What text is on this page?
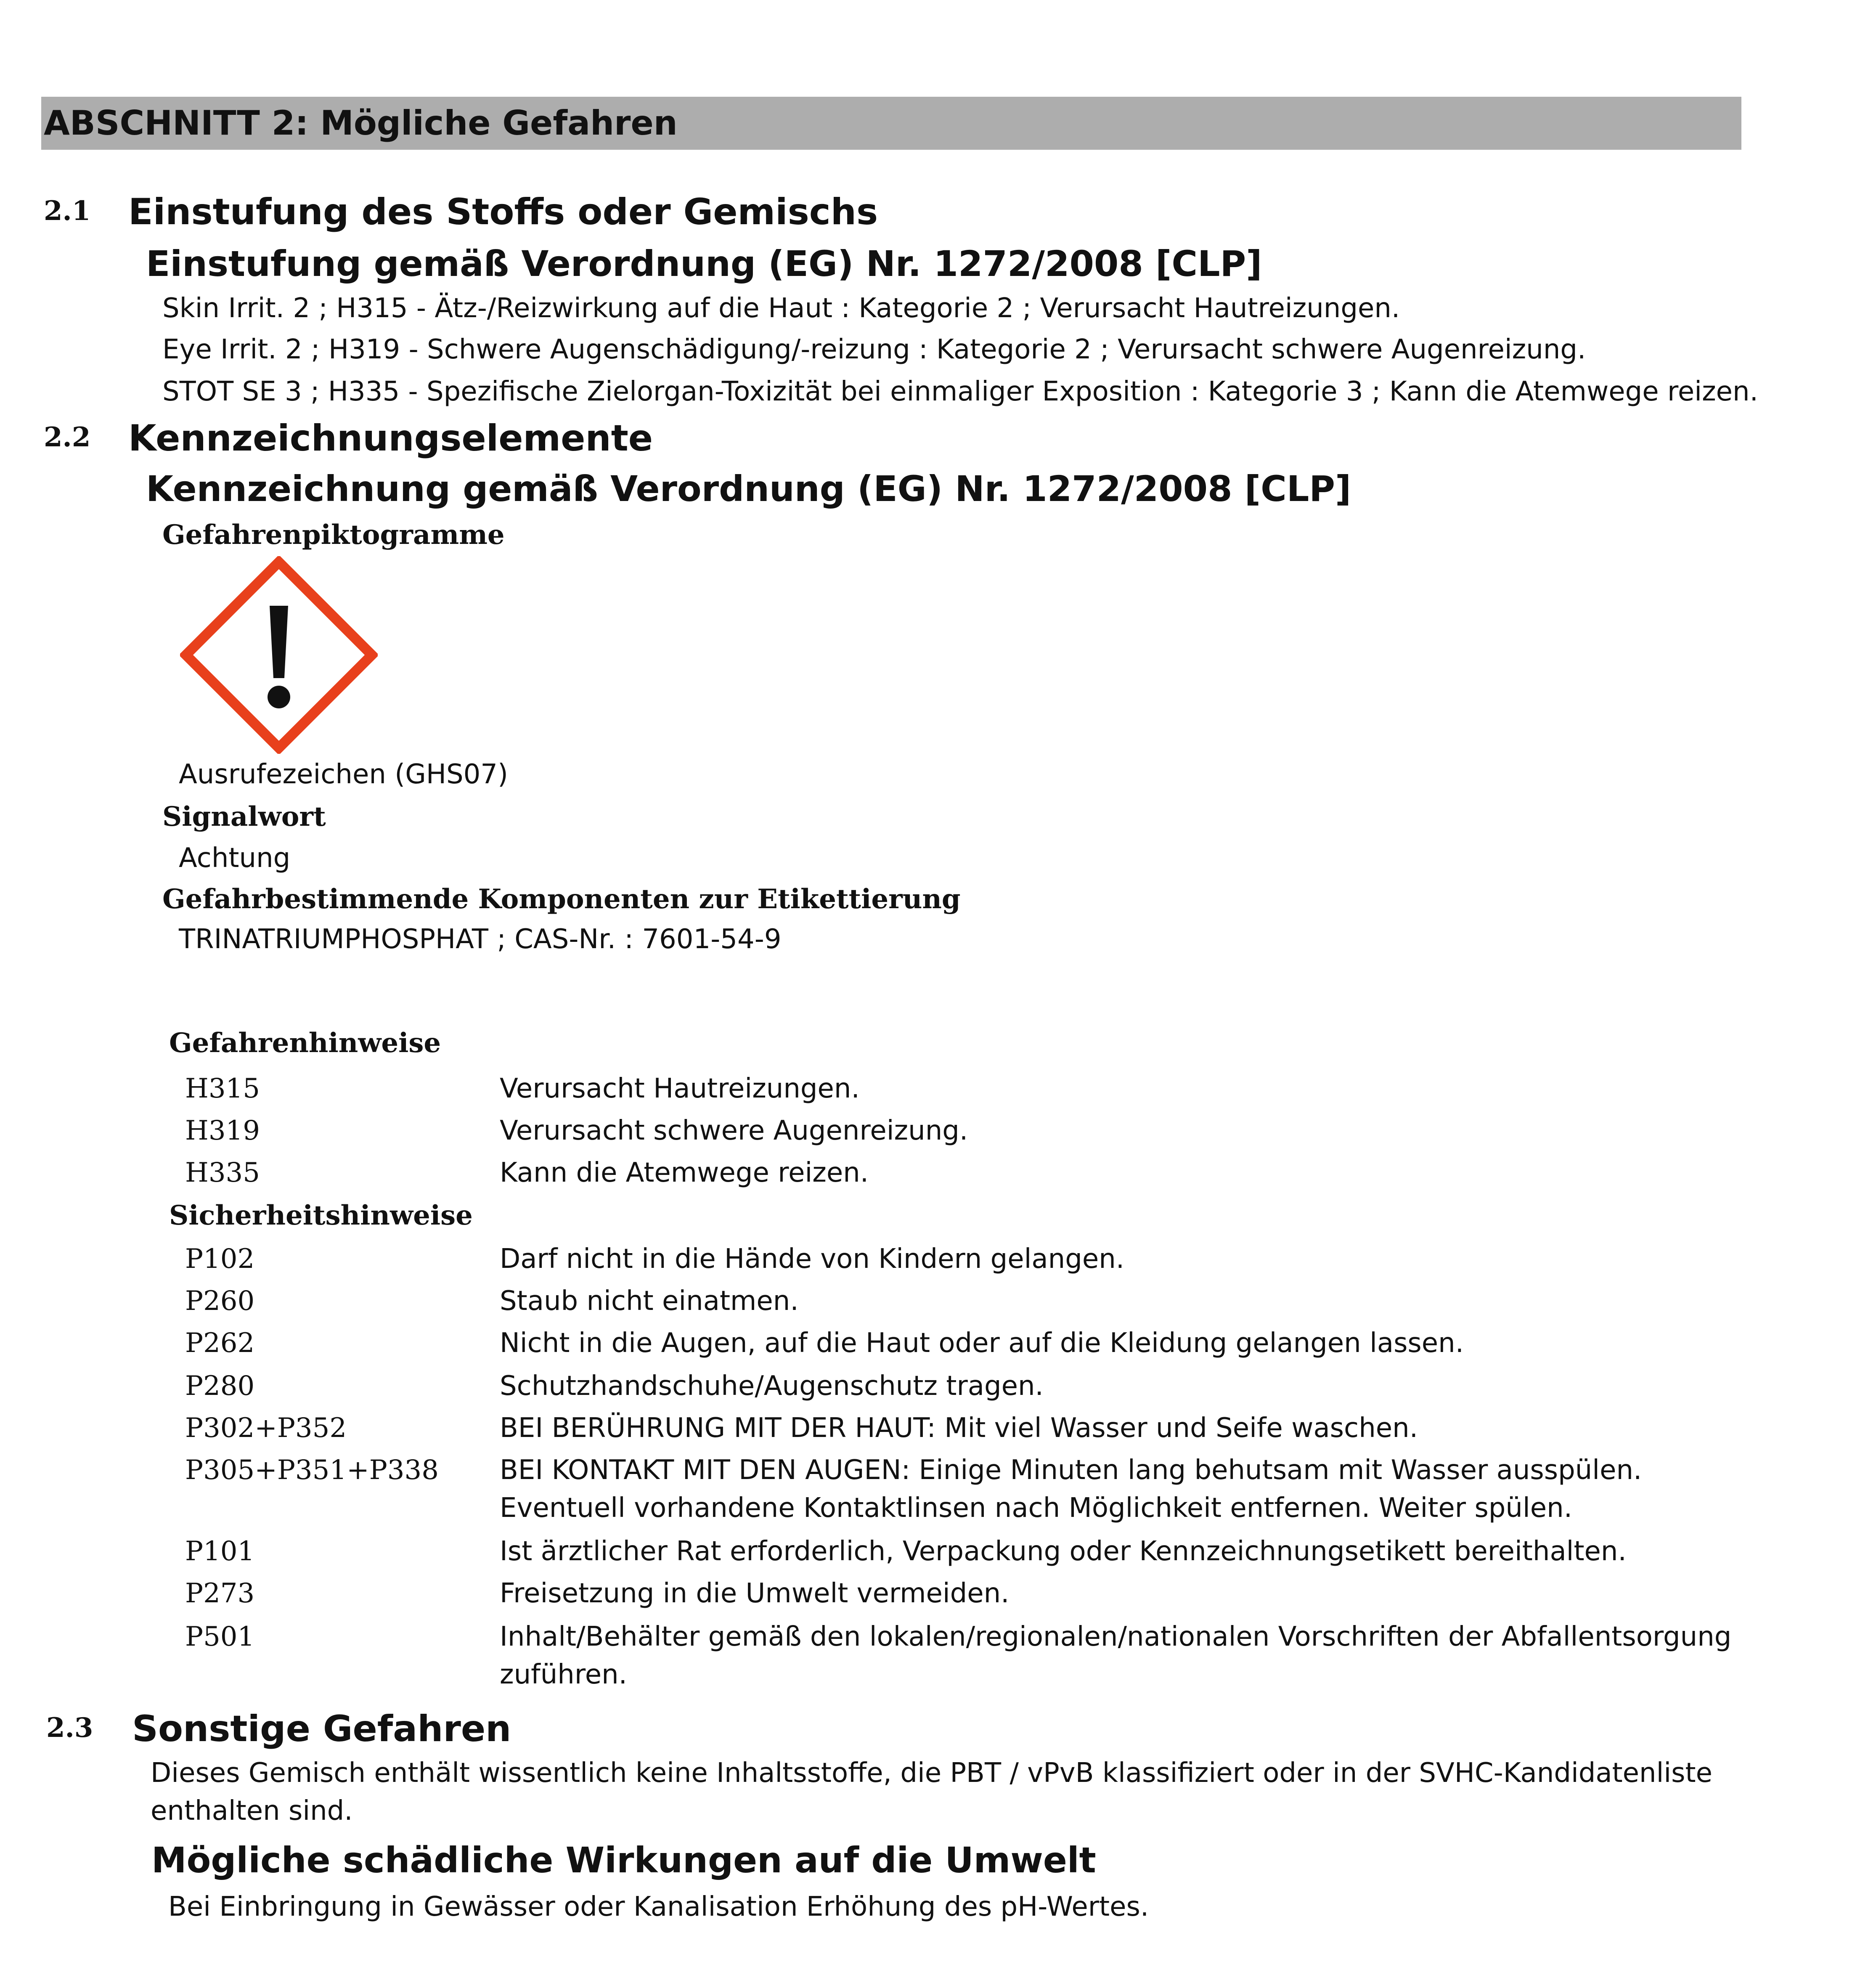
ABSCHNITT 2: Mögliche Gefahren
2.1 Einstufung des Stoffs oder Gemischs
Einstufung gemäß Verordnung (EG) Nr. 1272/2008 [CLP]
Skin Irrit. 2 ; H315 - Ätz-/Reizwirkung auf die Haut : Kategorie 2 ; Verursacht Hautreizungen.
Eye Irrit. 2 ; H319 - Schwere Augenschädigung/-reizung : Kategorie 2 ; Verursacht schwere Augenreizung.
STOT SE 3 ; H335 - Spezifische Zielorgan-Toxizität bei einmaliger Exposition : Kategorie 3 ; Kann die Atemwege reizen.
2.2 Kennzeichnungselemente
Kennzeichnung gemäß Verordnung (EG) Nr. 1272/2008 [CLP]
Gefahrenpiktogramme
Ausrufezeichen (GHS07)
Signalwort
Achtung
Gefahrbestimmende Komponenten zur Etikettierung
TRINATRIUMPHOSPHAT ; CAS-Nr. : 7601-54-9
Gefahrenhinweise
H315	Verursacht Hautreizungen.
H319	Verursacht schwere Augenreizung.
H335	Kann die Atemwege reizen.
Sicherheitshinweise
P102	Darf nicht in die Hände von Kindern gelangen.
P260	Staub nicht einatmen.
P262	Nicht in die Augen, auf die Haut oder auf die Kleidung gelangen lassen.
P280	Schutzhandschuhe/Augenschutz tragen.
P302+P352	BEI BERÜHRUNG MIT DER HAUT: Mit viel Wasser und Seife waschen.
P305+P351+P338 BEI KONTAKT MIT DEN AUGEN: Einige Minuten lang behutsam mit Wasser ausspülen.
Eventuell vorhandene Kontaktlinsen nach Möglichkeit entfernen. Weiter spülen.
P101	Ist ärztlicher Rat erforderlich, Verpackung oder Kennzeichnungsetikett bereithalten.
P273	Freisetzung in die Umwelt vermeiden.
P501	Inhalt/Behälter gemäß den lokalen/regionalen/nationalen Vorschriften der Abfallentsorgung
zuführen.
2.3 Sonstige Gefahren
Dieses Gemisch enthält wissentlich keine Inhaltsstoffe, die PBT / vPvB klassifiziert oder in der SVHC-Kandidatenliste
enthalten sind.
Mögliche schädliche Wirkungen auf die Umwelt
Bei Einbringung in Gewässer oder Kanalisation Erhöhung des pH-Wertes.
